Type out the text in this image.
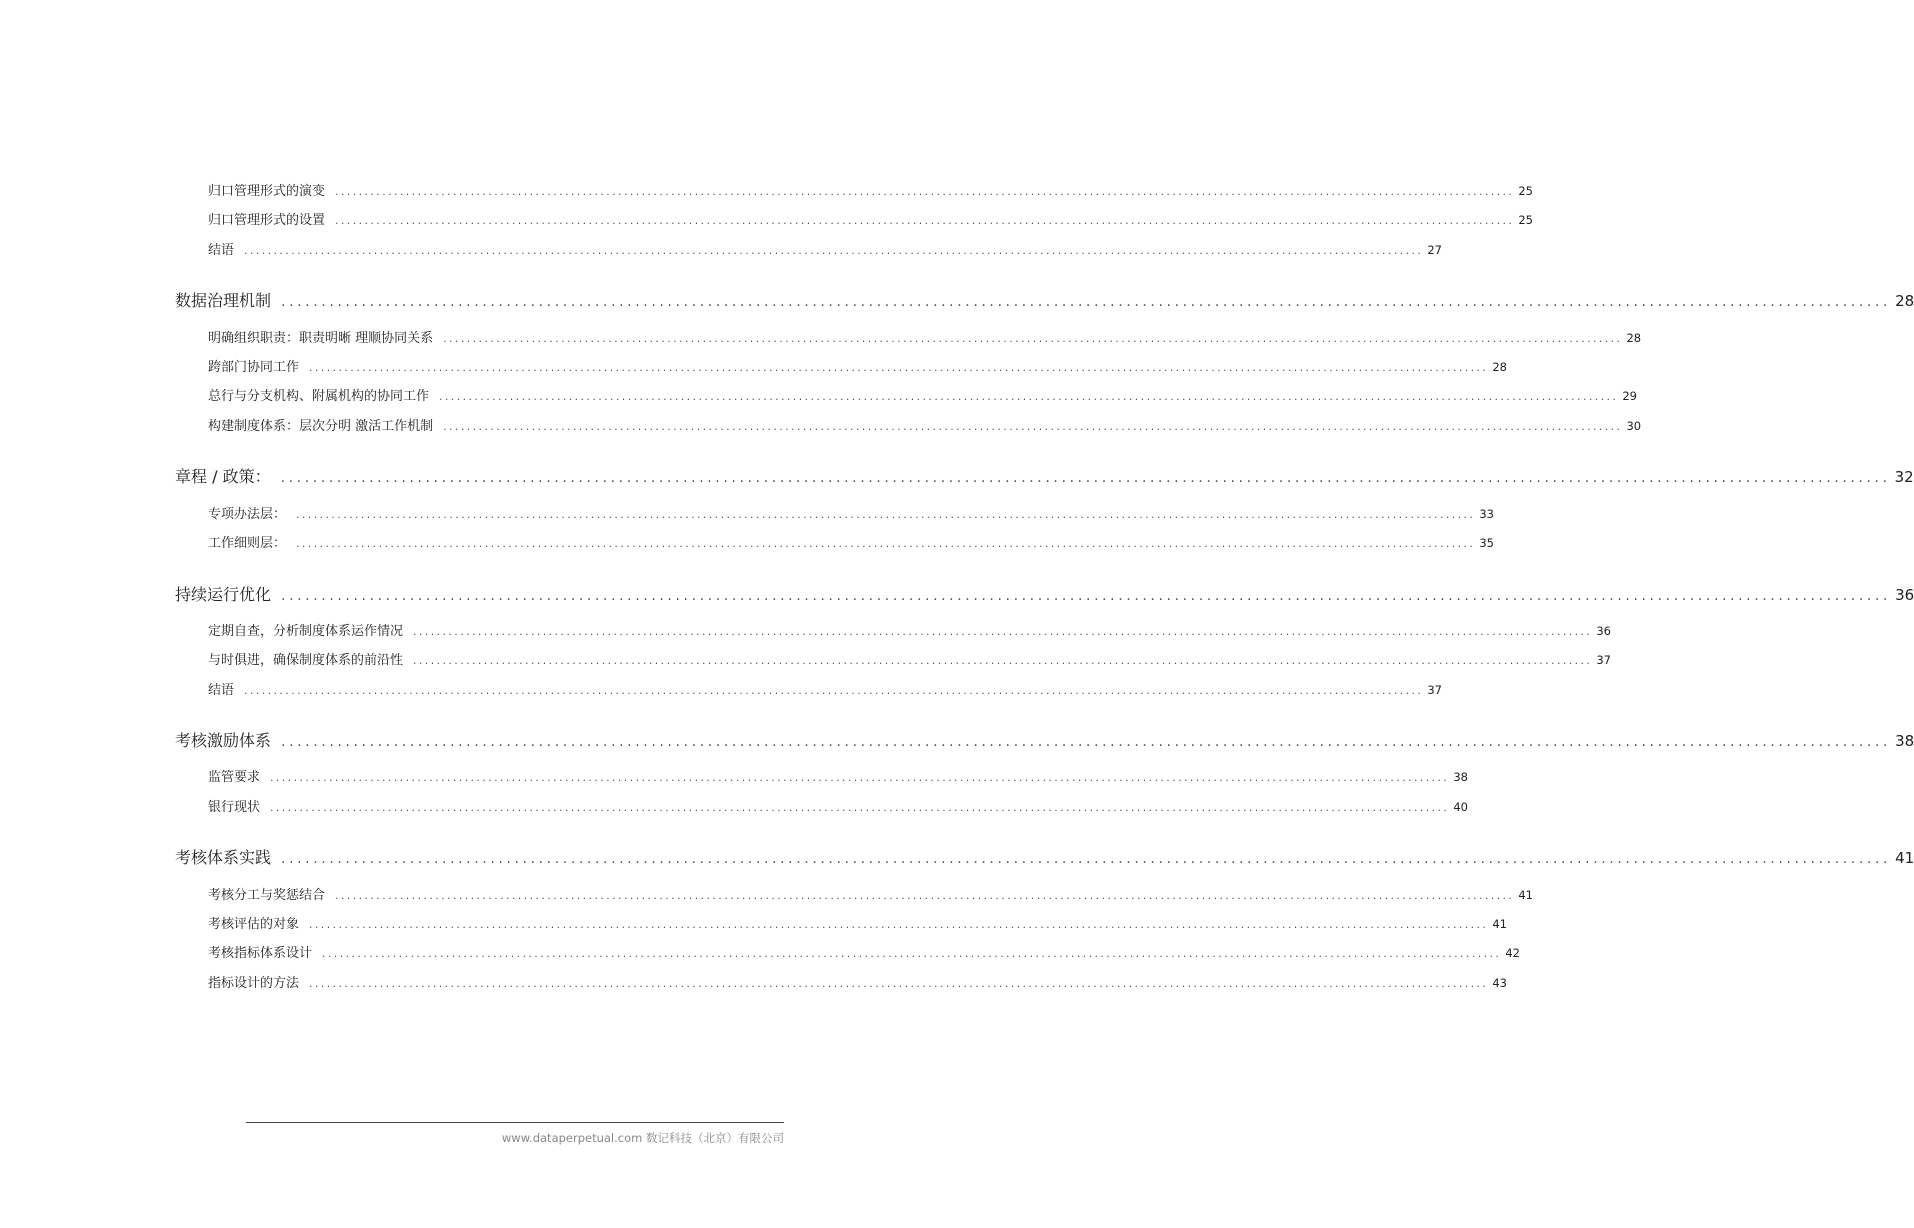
归口管理形式的演变 ........................................................................................................................................................................................................ 25
归口管理形式的设置 ........................................................................................................................................................................................................ 25
结语 ........................................................................................................................................................................................................ 27
数据治理机制 ........................................................................................................................................................................................................ 28
明确组织职责：职责明晰 理顺协同关系 ........................................................................................................................................................................................................ 28
跨部门协同工作 ........................................................................................................................................................................................................ 28
总行与分支机构、附属机构的协同工作 ........................................................................................................................................................................................................ 29
构建制度体系：层次分明 激活工作机制 ........................................................................................................................................................................................................ 30
章程 / 政策： ........................................................................................................................................................................................................ 32
专项办法层： ........................................................................................................................................................................................................ 33
工作细则层： ........................................................................................................................................................................................................ 35
持续运行优化 ........................................................................................................................................................................................................ 36
定期自查，分析制度体系运作情况 ........................................................................................................................................................................................................ 36
与时俱进，确保制度体系的前沿性 ........................................................................................................................................................................................................ 37
结语 ........................................................................................................................................................................................................ 37
考核激励体系 ........................................................................................................................................................................................................ 38
监管要求 ........................................................................................................................................................................................................ 38
银行现状 ........................................................................................................................................................................................................ 40
考核体系实践 ........................................................................................................................................................................................................ 41
考核分工与奖惩结合 ........................................................................................................................................................................................................ 41
考核评估的对象 ........................................................................................................................................................................................................ 41
考核指标体系设计 ........................................................................................................................................................................................................ 42
指标设计的方法 ........................................................................................................................................................................................................ 43
www.dataperpetual.com 数记科技（北京）有限公司
